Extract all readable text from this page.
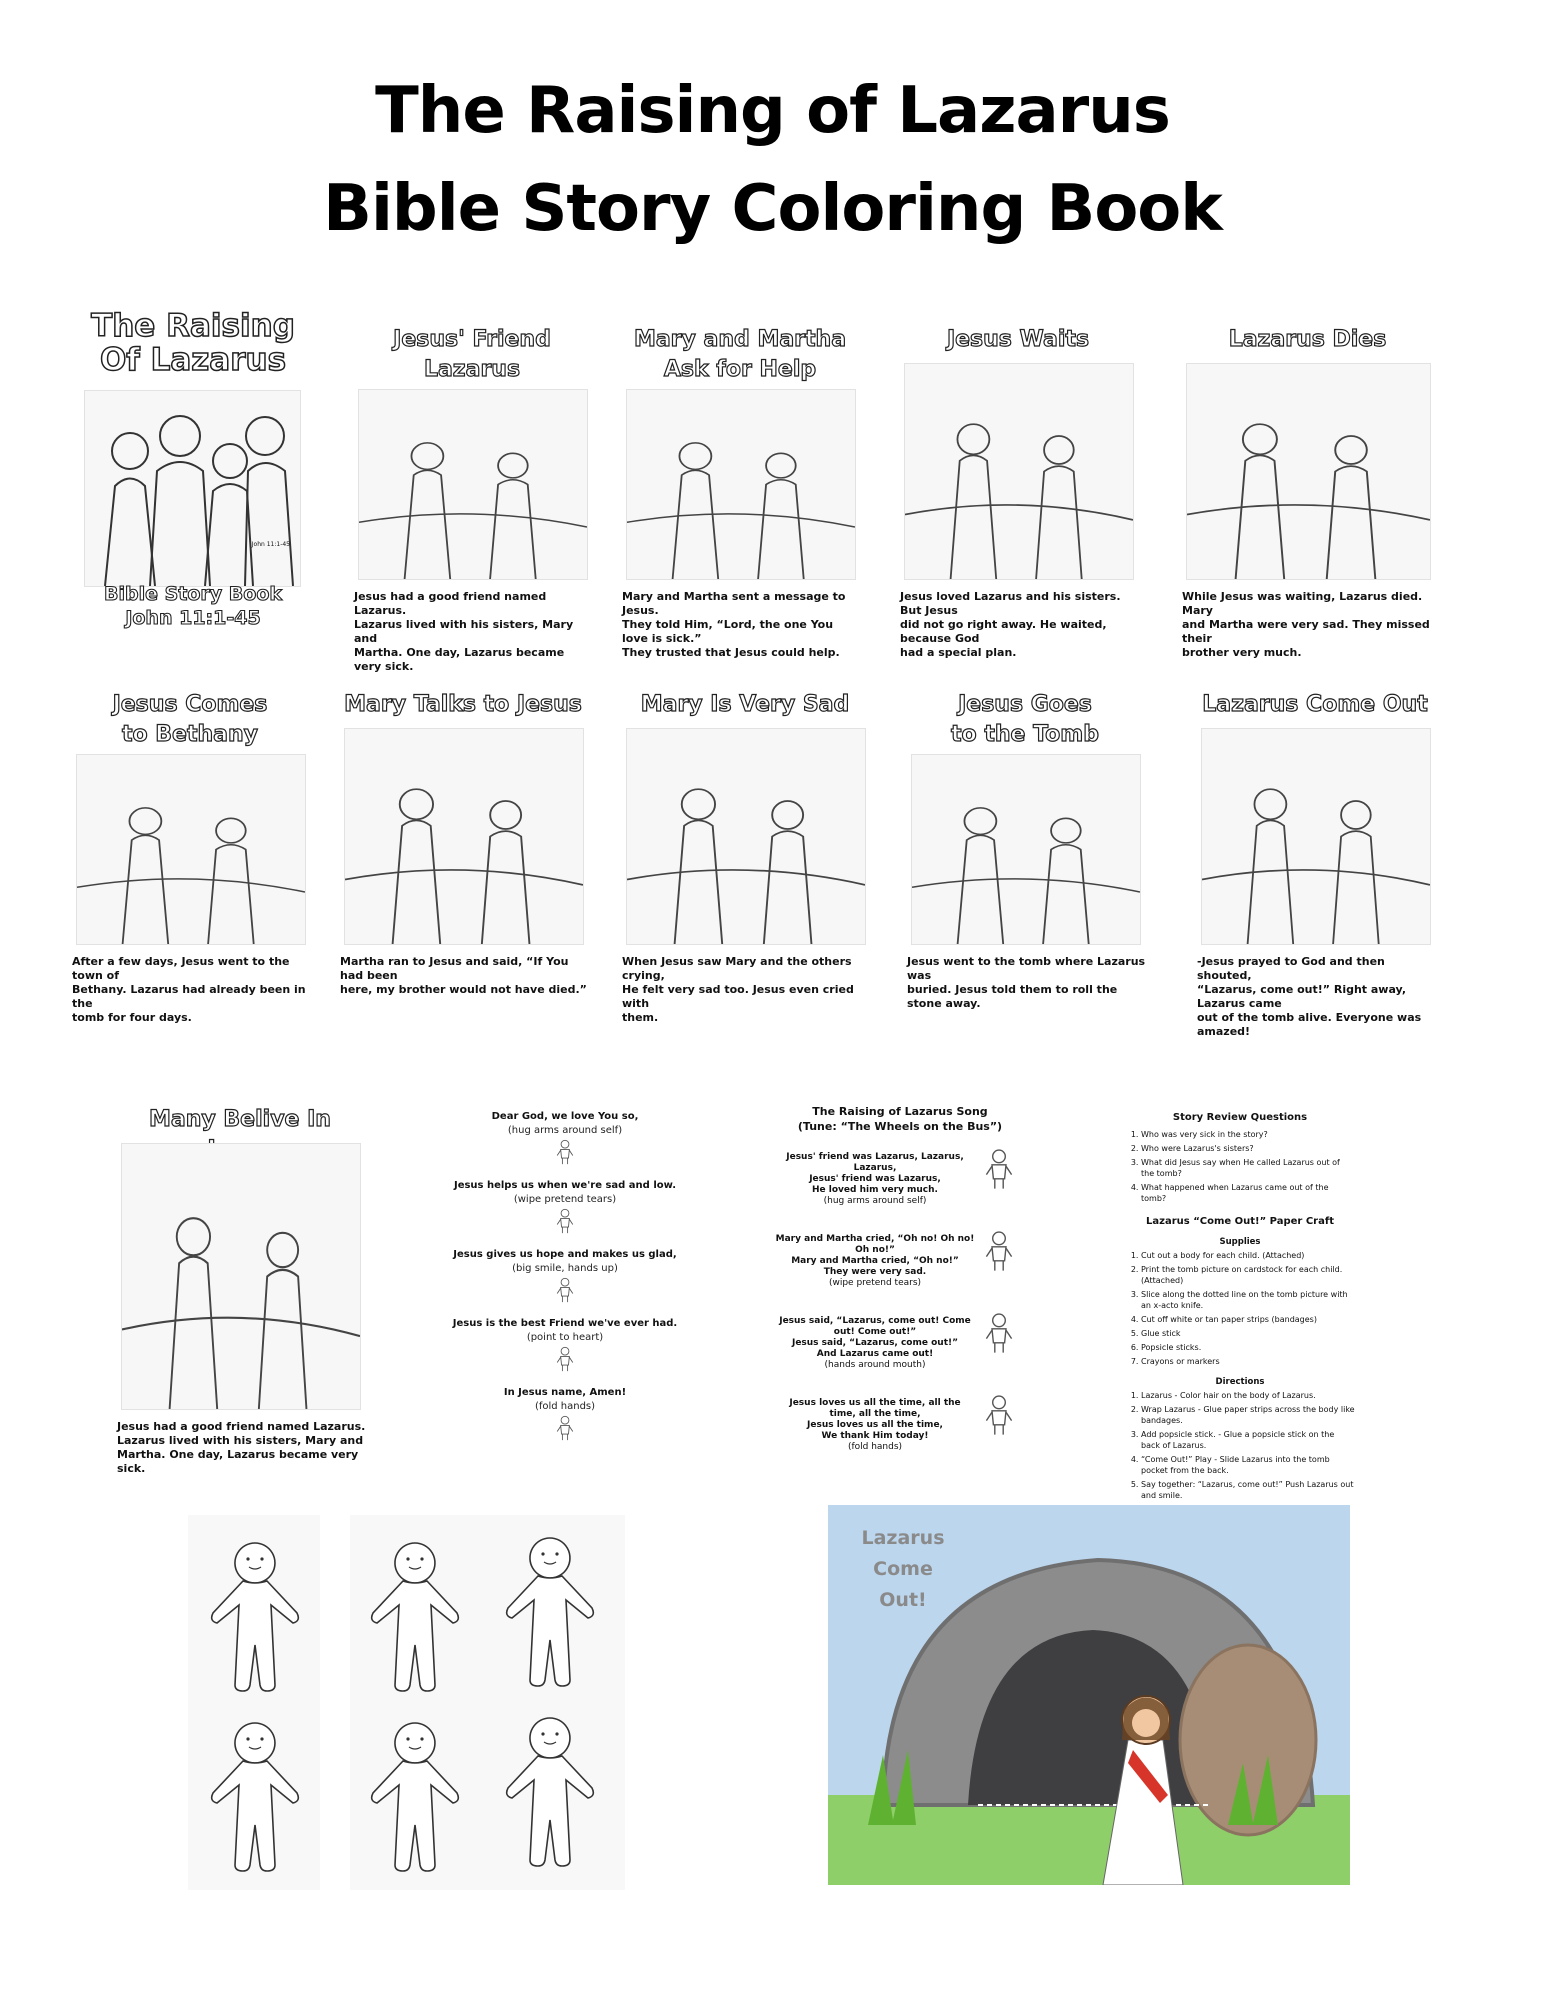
The Raising of Lazarus
Bible Story Coloring Book
The Raising
Of Lazarus
John 11:1-45
Bible Story Book
John 11:1-45
Jesus' Friend
Lazarus
Jesus had a good friend named Lazarus.
Lazarus lived with his sisters, Mary and
Martha. One day, Lazarus became very sick.
Mary and Martha
Ask for Help
Mary and Martha sent a message to Jesus.
They told Him, “Lord, the one You love is sick.”
They trusted that Jesus could help.
Jesus Waits
Jesus loved Lazarus and his sisters. But Jesus
did not go right away. He waited, because God
had a special plan.
Lazarus Dies
While Jesus was waiting, Lazarus died. Mary
and Martha were very sad. They missed their
brother very much.
Jesus Comes
to Bethany
After a few days, Jesus went to the town of
Bethany. Lazarus had already been in the
tomb for four days.
Mary Talks to Jesus
Martha ran to Jesus and said, “If You had been
here, my brother would not have died.”
Mary Is Very Sad
When Jesus saw Mary and the others crying,
He felt very sad too. Jesus even cried with
them.
Jesus Goes
to the Tomb
Jesus went to the tomb where Lazarus was
buried. Jesus told them to roll the stone away.
Lazarus Come Out
-Jesus prayed to God and then shouted,
“Lazarus, come out!” Right away, Lazarus came
out of the tomb alive. Everyone was amazed!
Many Belive In
Jesus had a good friend named Lazarus.
Lazarus lived with his sisters, Mary and
Martha. One day, Lazarus became very sick.
Dear God, we love You so,
(hug arms around self)
Jesus helps us when we're sad and low.
(wipe pretend tears)
Jesus gives us hope and makes us glad,
(big smile, hands up)
Jesus is the best Friend we've ever had.
(point to heart)
In Jesus name, Amen!
(fold hands)
The Raising of Lazarus Song
(Tune: “The Wheels on the Bus”)
Jesus' friend was Lazarus, Lazarus, Lazarus,
Jesus' friend was Lazarus,
He loved him very much.
(hug arms around self)
Mary and Martha cried, “Oh no! Oh no! Oh no!”
Mary and Martha cried, “Oh no!”
They were very sad.
(wipe pretend tears)
Jesus said, “Lazarus, come out! Come out! Come out!”
Jesus said, “Lazarus, come out!”
And Lazarus came out!
(hands around mouth)
Jesus loves us all the time, all the time, all the time,
Jesus loves us all the time,
We thank Him today!
(fold hands)
Story Review Questions
1. Who was very sick in the story?
2. Who were Lazarus's sisters?
3. What did Jesus say when He called Lazarus out of the tomb?
4. What happened when Lazarus came out of the tomb?
Lazarus “Come Out!” Paper Craft
Supplies
1. Cut out a body for each child. (Attached)
2. Print the tomb picture on cardstock for each child. (Attached)
3. Slice along the dotted line on the tomb picture with an x-acto knife.
4. Cut off white or tan paper strips (bandages)
5. Glue stick
6. Popsicle sticks.
7. Crayons or markers
Directions
1. Lazarus - Color hair on the body of Lazarus.
2. Wrap Lazarus - Glue paper strips across the body like bandages.
3. Add popsicle stick. - Glue a popsicle stick on the back of Lazarus.
4. “Come Out!” Play - Slide Lazarus into the tomb pocket from the back.
5. Say together: “Lazarus, come out!” Push Lazarus out and smile.
Lazarus
Come
Out!
